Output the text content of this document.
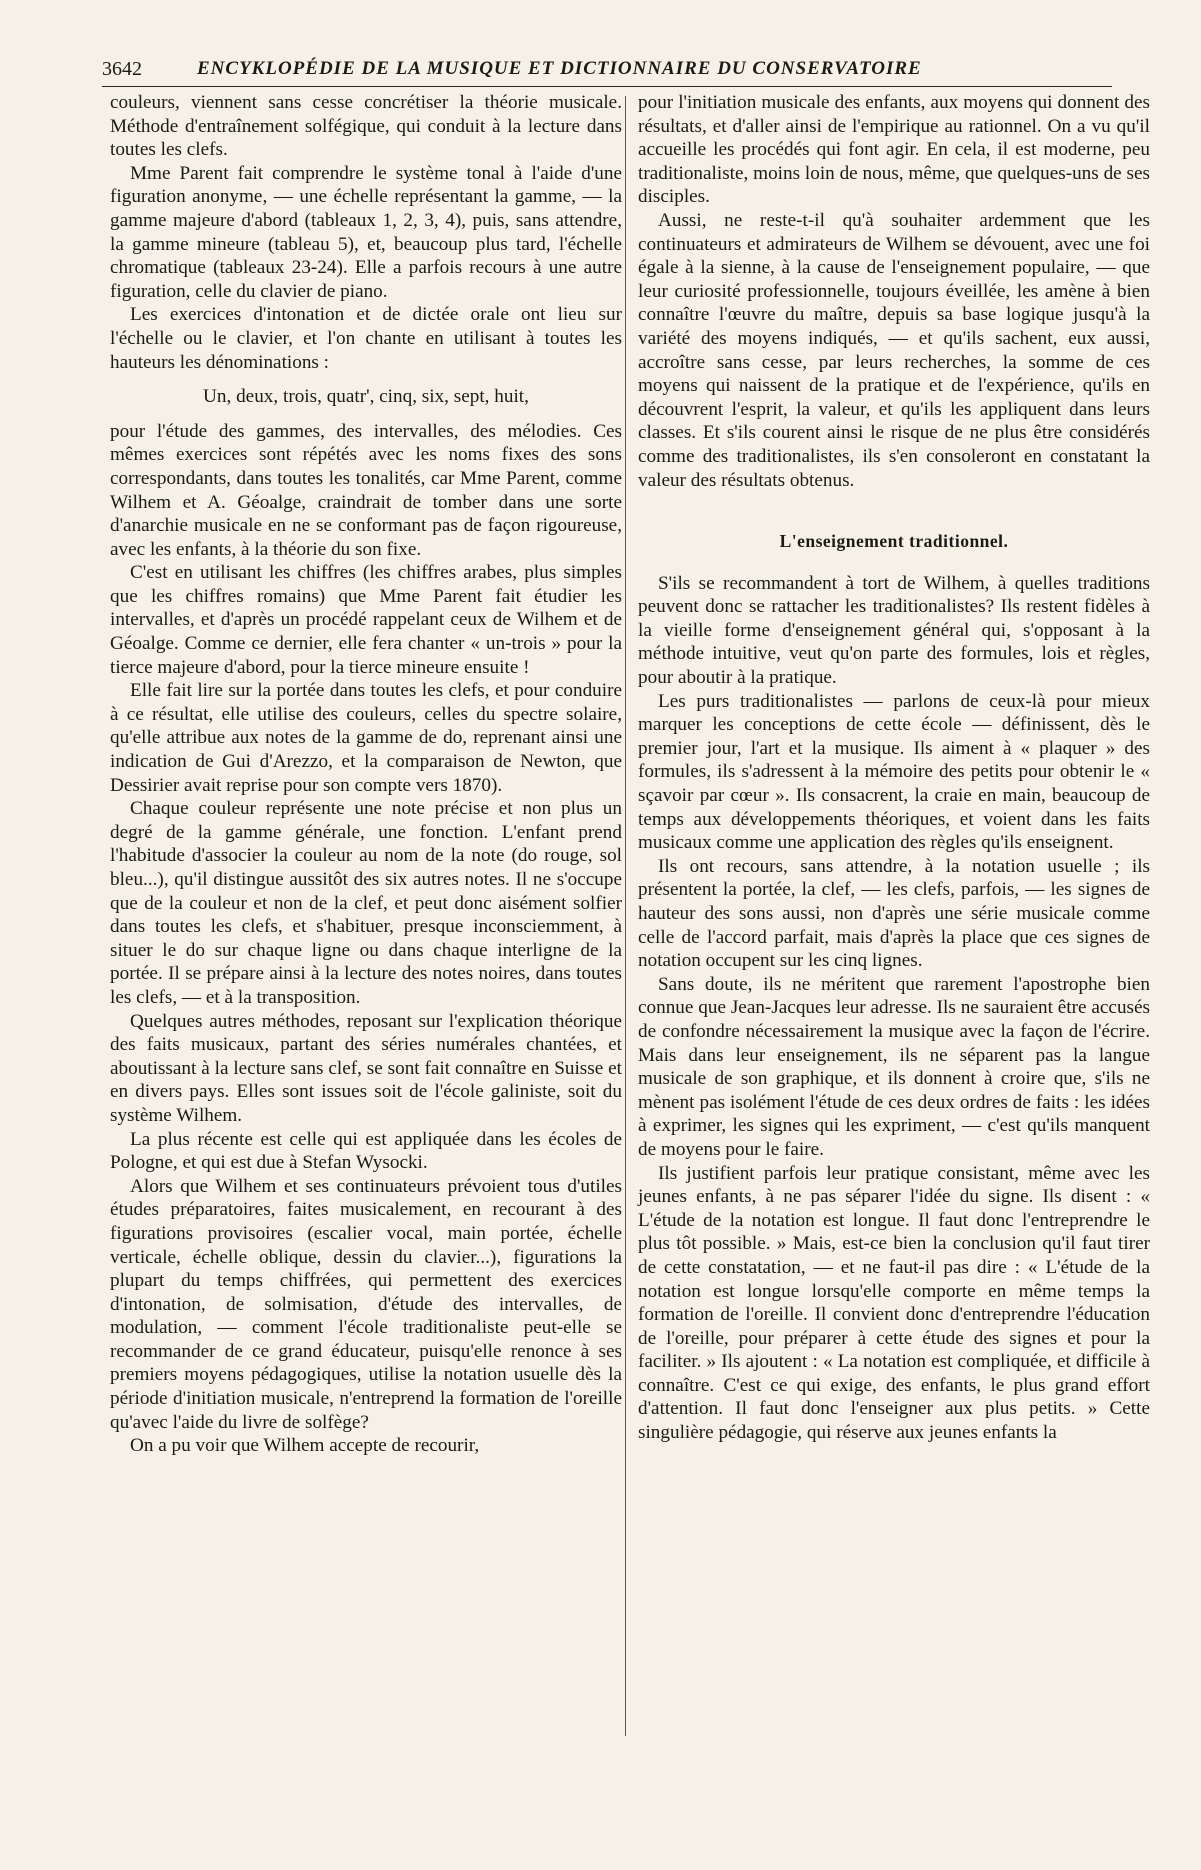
3642	ENCYKLOPÉDIE DE LA MUSIQUE ET DICTIONNAIRE DU CONSERVATOIRE

couleurs, viennent sans cesse concrétiser la théorie musicale. Méthode d'entraînement solfégique, qui conduit à la lecture dans toutes les clefs.

Mme Parent fait comprendre le système tonal à l'aide d'une figuration anonyme, — une échelle représentant la gamme, — la gamme majeure d'abord (tableaux 1, 2, 3, 4), puis, sans attendre, la gamme mineure (tableau 5), et, beaucoup plus tard, l'échelle chromatique (tableaux 23-24). Elle a parfois recours à une autre figuration, celle du clavier de piano.

Les exercices d'intonation et de dictée orale ont lieu sur l'échelle ou le clavier, et l'on chante en utilisant à toutes les hauteurs les dénominations :

Un, deux, trois, quatr', cinq, six, sept, huit,

pour l'étude des gammes, des intervalles, des mélodies. Ces mêmes exercices sont répétés avec les noms fixes des sons correspondants, dans toutes les tonalités, car Mme Parent, comme Wilhem et A. Géoalge, craindrait de tomber dans une sorte d'anarchie musicale en ne se conformant pas de façon rigoureuse, avec les enfants, à la théorie du son fixe.

C'est en utilisant les chiffres (les chiffres arabes, plus simples que les chiffres romains) que Mme Parent fait étudier les intervalles, et d'après un procédé rappelant ceux de Wilhem et de Géoalge. Comme ce dernier, elle fera chanter « un-trois » pour la tierce majeure d'abord, pour la tierce mineure ensuite !

Elle fait lire sur la portée dans toutes les clefs, et pour conduire à ce résultat, elle utilise des couleurs, celles du spectre solaire, qu'elle attribue aux notes de la gamme de do, reprenant ainsi une indication de Gui d'Arezzo, et la comparaison de Newton, que Dessirier avait reprise pour son compte vers 1870).

Chaque couleur représente une note précise et non plus un degré de la gamme générale, une fonction. L'enfant prend l'habitude d'associer la couleur au nom de la note (do rouge, sol bleu...), qu'il distingue aussitôt des six autres notes. Il ne s'occupe que de la couleur et non de la clef, et peut donc aisément solfier dans toutes les clefs, et s'habituer, presque inconsciemment, à situer le do sur chaque ligne ou dans chaque interligne de la portée. Il se prépare ainsi à la lecture des notes noires, dans toutes les clefs, — et à la transposition.

Quelques autres méthodes, reposant sur l'explication théorique des faits musicaux, partant des séries numérales chantées, et aboutissant à la lecture sans clef, se sont fait connaître en Suisse et en divers pays. Elles sont issues soit de l'école galiniste, soit du système Wilhem.

La plus récente est celle qui est appliquée dans les écoles de Pologne, et qui est due à Stefan Wysocki.

Alors que Wilhem et ses continuateurs prévoient tous d'utiles études préparatoires, faites musicalement, en recourant à des figurations provisoires (escalier vocal, main portée, échelle verticale, échelle oblique, dessin du clavier...), figurations la plupart du temps chiffrées, qui permettent des exercices d'intonation, de solmisation, d'étude des intervalles, de modulation, — comment l'école traditionaliste peut-elle se recommander de ce grand éducateur, puisqu'elle renonce à ses premiers moyens pédagogiques, utilise la notation usuelle dès la période d'initiation musicale, n'entreprend la formation de l'oreille qu'avec l'aide du livre de solfège?

On a pu voir que Wilhem accepte de recourir,

pour l'initiation musicale des enfants, aux moyens qui donnent des résultats, et d'aller ainsi de l'empirique au rationnel. On a vu qu'il accueille les procédés qui font agir. En cela, il est moderne, peu traditionaliste, moins loin de nous, même, que quelques-uns de ses disciples.

Aussi, ne reste-t-il qu'à souhaiter ardemment que les continuateurs et admirateurs de Wilhem se dévouent, avec une foi égale à la sienne, à la cause de l'enseignement populaire, — que leur curiosité professionnelle, toujours éveillée, les amène à bien connaître l'œuvre du maître, depuis sa base logique jusqu'à la variété des moyens indiqués, — et qu'ils sachent, eux aussi, accroître sans cesse, par leurs recherches, la somme de ces moyens qui naissent de la pratique et de l'expérience, qu'ils en découvrent l'esprit, la valeur, et qu'ils les appliquent dans leurs classes. Et s'ils courent ainsi le risque de ne plus être considérés comme des traditionalistes, ils s'en consoleront en constatant la valeur des résultats obtenus.

L'enseignement traditionnel.

S'ils se recommandent à tort de Wilhem, à quelles traditions peuvent donc se rattacher les traditionalistes? Ils restent fidèles à la vieille forme d'enseignement général qui, s'opposant à la méthode intuitive, veut qu'on parte des formules, lois et règles, pour aboutir à la pratique.

Les purs traditionalistes — parlons de ceux-là pour mieux marquer les conceptions de cette école — définissent, dès le premier jour, l'art et la musique. Ils aiment à « plaquer » des formules, ils s'adressent à la mémoire des petits pour obtenir le « sçavoir par cœur ». Ils consacrent, la craie en main, beaucoup de temps aux développements théoriques, et voient dans les faits musicaux comme une application des règles qu'ils enseignent.

Ils ont recours, sans attendre, à la notation usuelle ; ils présentent la portée, la clef, — les clefs, parfois, — les signes de hauteur des sons aussi, non d'après une série musicale comme celle de l'accord parfait, mais d'après la place que ces signes de notation occupent sur les cinq lignes.

Sans doute, ils ne méritent que rarement l'apostrophe bien connue que Jean-Jacques leur adresse. Ils ne sauraient être accusés de confondre nécessairement la musique avec la façon de l'écrire. Mais dans leur enseignement, ils ne séparent pas la langue musicale de son graphique, et ils donnent à croire que, s'ils ne mènent pas isolément l'étude de ces deux ordres de faits : les idées à exprimer, les signes qui les expriment, — c'est qu'ils manquent de moyens pour le faire.

Ils justifient parfois leur pratique consistant, même avec les jeunes enfants, à ne pas séparer l'idée du signe. Ils disent : « L'étude de la notation est longue. Il faut donc l'entreprendre le plus tôt possible. » Mais, est-ce bien la conclusion qu'il faut tirer de cette constatation, — et ne faut-il pas dire : « L'étude de la notation est longue lorsqu'elle comporte en même temps la formation de l'oreille. Il convient donc d'entreprendre l'éducation de l'oreille, pour préparer à cette étude des signes et pour la faciliter. » Ils ajoutent : « La notation est compliquée, et difficile à connaître. C'est ce qui exige, des enfants, le plus grand effort d'attention. Il faut donc l'enseigner aux plus petits. » Cette singulière pédagogie, qui réserve aux jeunes enfants la
